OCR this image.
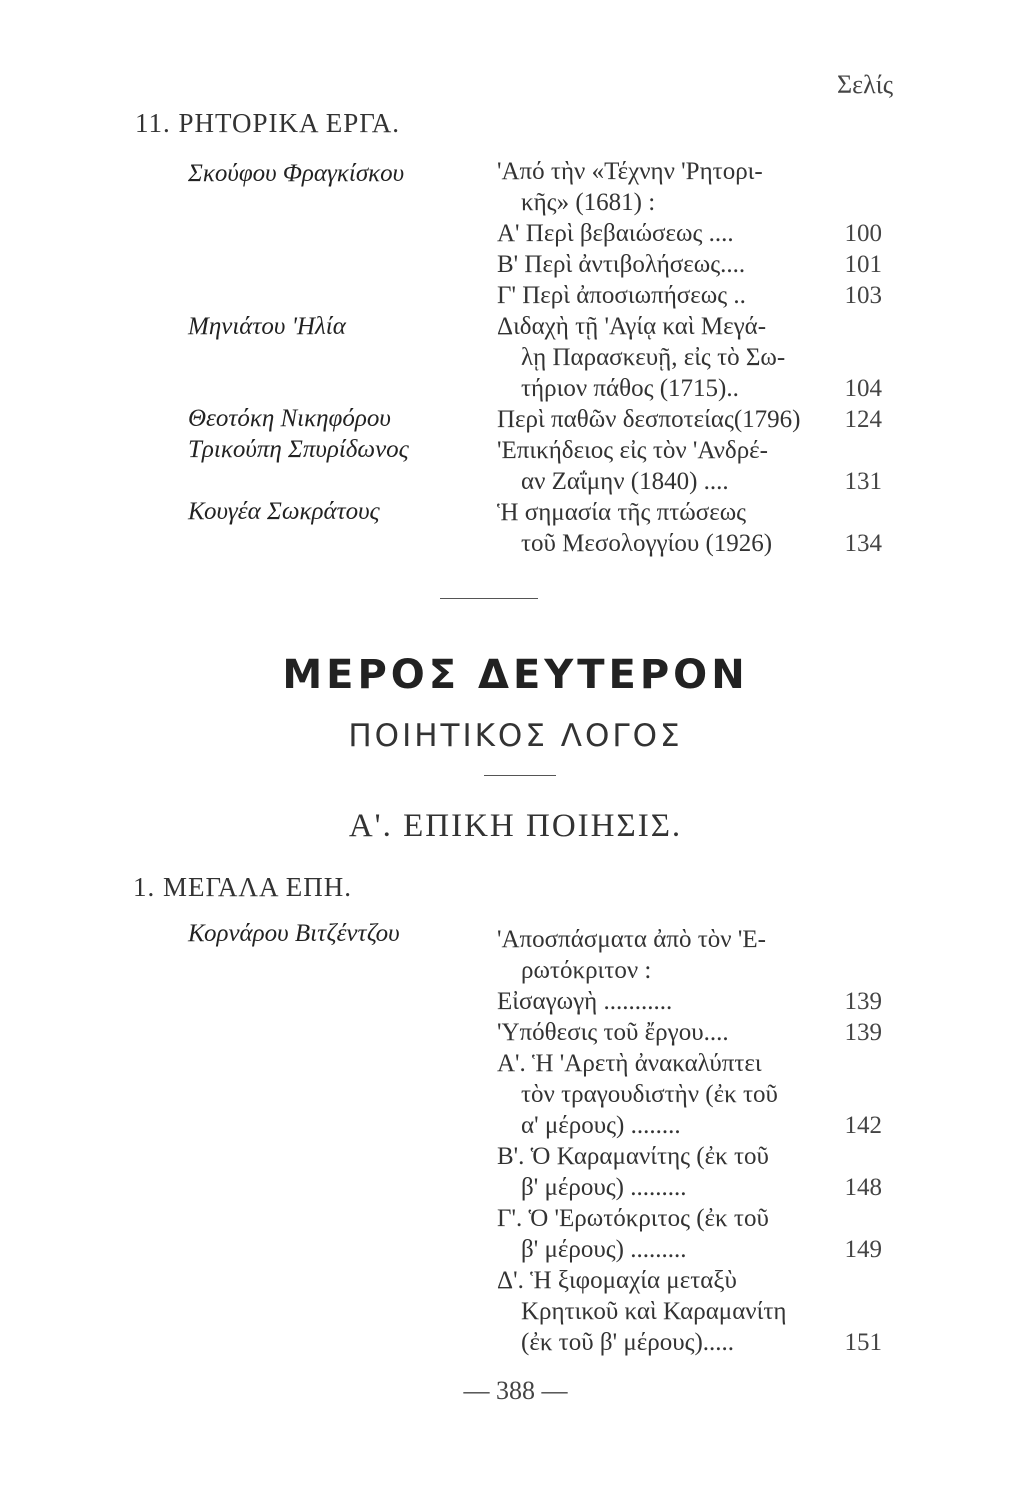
Σελίς
11. ΡΗΤΟΡΙΚΑ ΕΡΓΑ.
Σκούφου Φραγκίσκου
Μηνιάτου 'Ηλία
Θεοτόκη Νικηφόρου
Τρικούπη Σπυρίδωνος
Κουγέα Σωκράτους
'Από τὴν «Τέχνην 'Ρητορι-
κῆς» (1681) :
Α' Περὶ βεβαιώσεως ....
Β' Περὶ ἀντιβολήσεως....
Γ' Περὶ ἀποσιωπήσεως ..
Διδαχὴ τῇ 'Αγίᾳ καὶ Μεγά-
λῃ Παρασκευῇ, εἰς τὸ Σω-
τήριον πάθος (1715)..
Περὶ παθῶν δεσποτείας(1796)
'Επικήδειος εἰς τὸν 'Ανδρέ-
αν Ζαΐμην (1840) ....
Ἡ σημασία τῆς πτώσεως
τοῦ Μεσολογγίου (1926)
100
101
103
104
124
131
134
ΜΕΡΟΣ ΔΕΥΤΕΡΟΝ
ΠΟΙΗΤΙΚΟΣ ΛΟΓΟΣ
Α'. ΕΠΙΚΗ ΠΟΙΗΣΙΣ.
1. ΜΕΓΑΛΑ ΕΠΗ.
Κορνάρου Βιτζέντζου	'Αποσπάσματα ἀπὸ τὸν 'Ε-
ρωτόκριτον :
Εἰσαγωγὴ ...........
'Υπόθεσις τοῦ ἔργου....
Α'. Ἡ 'Αρετὴ ἀνακαλύπτει
τὸν τραγουδιστὴν (ἐκ τοῦ
α' μέρους) ........
Β'. Ὁ Καραμανίτης (ἐκ τοῦ
β' μέρους) .........
Γ'. Ὁ 'Ερωτόκριτος (ἐκ τοῦ
β' μέρους) .........
Δ'. Ἡ ξιφομαχία μεταξὺ
Κρητικοῦ καὶ Καραμανίτη
(ἐκ τοῦ β' μέρους).....
139
139
142
148
149
151
— 388 —
